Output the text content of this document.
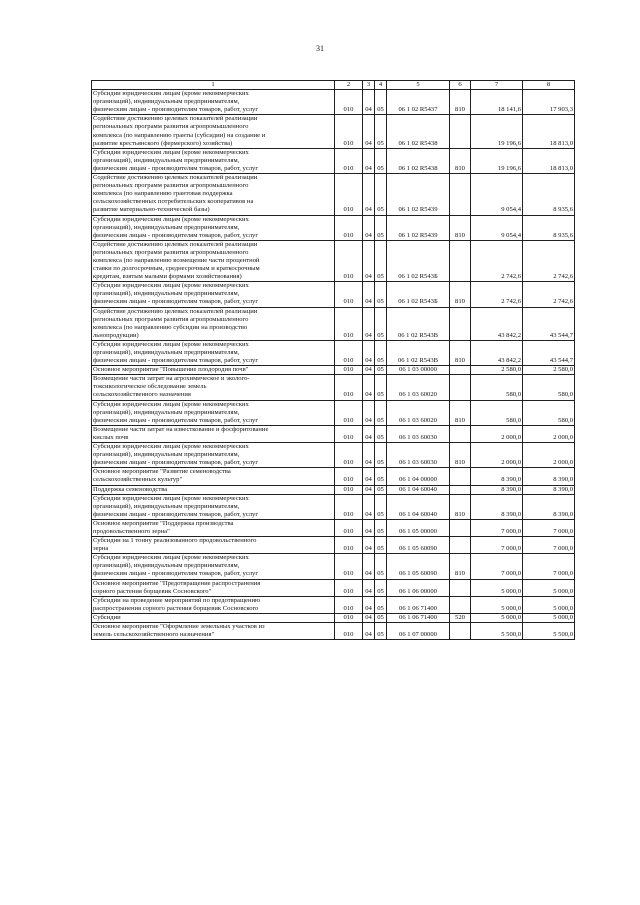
31
1	2	3	4	5	6	7	8

Субсидии юридическим лицам (кроме некоммерческих
организаций), индивидуальным предпринимателям,
физическим лицам - производителям товаров, работ, услуг	010	04	05	06 1 02 R5437	810	18 141,6	17 903,3

Содействие достижению целевых показателей реализации
региональных программ развития агропромышленного
комплекса (по направлению гранты (субсидии) на создание и
развитие крестьянского (фермерского) хозяйства)	010	04	05	06 1 02 R5438		19 196,6	18 813,0

Субсидии юридическим лицам (кроме некоммерческих
организаций), индивидуальным предпринимателям,
физическим лицам - производителям товаров, работ, услуг	010	04	05	06 1 02 R5438	810	19 196,6	18 813,0

Содействие достижению целевых показателей реализации
региональных программ развития агропромышленного
комплекса (по направлению грантовая поддержка
сельскохозяйственных потребительских кооперативов на
развитие материально-технической базы)	010	04	05	06 1 02 R5439		9 054,4	8 935,6

Субсидии юридическим лицам (кроме некоммерческих
организаций), индивидуальным предпринимателям,
физическим лицам - производителям товаров, работ, услуг	010	04	05	06 1 02 R5439	810	9 054,4	8 935,6

Содействие достижению целевых показателей реализации
региональных программ развития агропромышленного
комплекса (по направлению возмещение части процентной
ставки по долгосрочным, среднесрочным и краткосрочным
кредитам, взятым малыми формами хозяйствования)	010	04	05	06 1 02 R543Б		2 742,6	2 742,6

Субсидии юридическим лицам (кроме некоммерческих
организаций), индивидуальным предпринимателям,
физическим лицам - производителям товаров, работ, услуг	010	04	05	06 1 02 R543Б	810	2 742,6	2 742,6

Содействие достижению целевых показателей реализации
региональных программ развития агропромышленного
комплекса (по направлению субсидии на производство
льнопродукции)	010	04	05	06 1 02 R543В		43 842,2	43 544,7

Субсидии юридическим лицам (кроме некоммерческих
организаций), индивидуальным предпринимателям,
физическим лицам - производителям товаров, работ, услуг	010	04	05	06 1 02 R543В	810	43 842,2	43 544,7

Основное мероприятие "Повышение плодородия почв"	010	04	05	06 1 03 00000		2 580,0	2 580,0

Возмещение части затрат на агрохимическое и эколого-
токсикологическое обследование земель
сельскохозяйственного назначения	010	04	05	06 1 03 60020		580,0	580,0

Субсидии юридическим лицам (кроме некоммерческих
организаций), индивидуальным предпринимателям,
физическим лицам - производителям товаров, работ, услуг	010	04	05	06 1 03 60020	810	580,0	580,0

Возмещение части затрат на известкование и фосфоритование
кислых почв	010	04	05	06 1 03 60030		2 000,0	2 000,0

Субсидии юридическим лицам (кроме некоммерческих
организаций), индивидуальным предпринимателям,
физическим лицам - производителям товаров, работ, услуг	010	04	05	06 1 03 60030	810	2 000,0	2 000,0

Основное мероприятие "Развитие семеноводства
сельскохозяйственных культур"	010	04	05	06 1 04 00000		8 390,0	8 390,0

Поддержка семеноводства	010	04	05	06 1 04 60040		8 390,0	8 390,0

Субсидии юридическим лицам (кроме некоммерческих
организаций), индивидуальным предпринимателям,
физическим лицам - производителям товаров, работ, услуг	010	04	05	06 1 04 60040	810	8 390,0	8 390,0

Основное мероприятие "Поддержка производства
продовольственного зерна"	010	04	05	06 1 05 00000		7 000,0	7 000,0

Субсидии на 1 тонну реализованного продовольственного
зерна	010	04	05	06 1 05 60090		7 000,0	7 000,0

Субсидии юридическим лицам (кроме некоммерческих
организаций), индивидуальным предпринимателям,
физическим лицам - производителям товаров, работ, услуг	010	04	05	06 1 05 60090	810	7 000,0	7 000,0

Основное мероприятие "Предотвращение распространения
сорного растения борщевик Сосновского"	010	04	05	06 1 06 00000		5 000,0	5 000,0

Субсидии на проведение мероприятий по предотвращению
распространения сорного растения борщевик Сосновского	010	04	05	06 1 06 71400		5 000,0	5 000,0

Субсидии	010	04	05	06 1 06 71400	520	5 000,0	5 000,0

Основное мероприятие "Оформление земельных участков из
земель сельскохозяйственного назначения"	010	04	05	06 1 07 00000		5 500,0	5 500,0
